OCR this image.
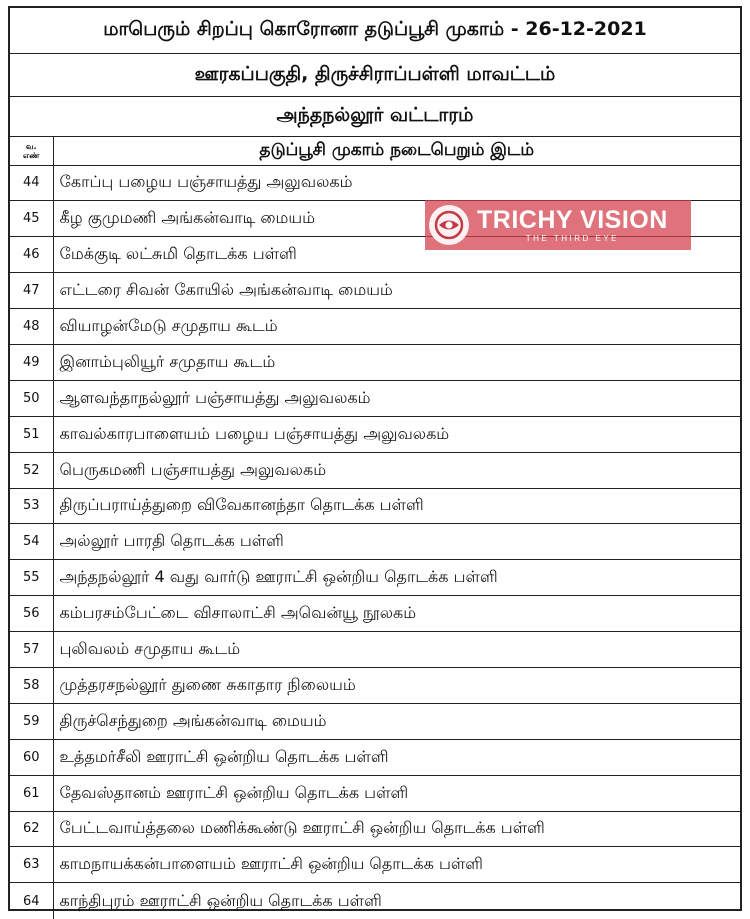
மாபெரும் சிறப்பு கொரோனா தடுப்பூசி முகாம் - 26-12-2021
ஊரகப்பகுதி, திருச்சிராப்பள்ளி மாவட்டம்
அந்தநல்லூர் வட்டாரம்
வ.
எண்	தடுப்பூசி முகாம் நடைபெறும் இடம்
44	கோப்பு பழைய பஞ்சாயத்து அலுவலகம்
45	கீழ குமுமணி அங்கன்வாடி மையம்
46	மேக்குடி லட்சுமி தொடக்க பள்ளி
47	எட்டரை சிவன் கோயில் அங்கன்வாடி மையம்
48	வியாழன்மேடு சமுதாய கூடம்
49	இனாம்புலியூர் சமுதாய கூடம்
50	ஆளவந்தாநல்லூர் பஞ்சாயத்து அலுவலகம்
51	காவல்காரபாளையம் பழைய பஞ்சாயத்து அலுவலகம்
52	பெருகமணி பஞ்சாயத்து அலுவலகம்
53	திருப்பராய்த்துறை விவேகானந்தா தொடக்க பள்ளி
54	அல்லூர் பாரதி தொடக்க பள்ளி
55	அந்தநல்லூர் 4 வது வார்டு ஊராட்சி ஒன்றிய தொடக்க பள்ளி
56	கம்பரசம்பேட்டை விசாலாட்சி அவென்யூ நூலகம்
57	புலிவலம் சமுதாய கூடம்
58	முத்தரசநல்லூர் துணை சுகாதார நிலையம்
59	திருச்செந்துறை அங்கன்வாடி மையம்
60	உத்தமர்சீலி ஊராட்சி ஒன்றிய தொடக்க பள்ளி
61	தேவஸ்தானம் ஊராட்சி ஒன்றிய தொடக்க பள்ளி
62	பேட்டவாய்த்தலை மணிக்கூண்டு ஊராட்சி ஒன்றிய தொடக்க பள்ளி
63	காமநாயக்கன்பாளையம் ஊராட்சி ஒன்றிய தொடக்க பள்ளி
64	காந்திபுரம் ஊராட்சி ஒன்றிய தொடக்க பள்ளி
TRICHY VISION
THE THIRD EYE
